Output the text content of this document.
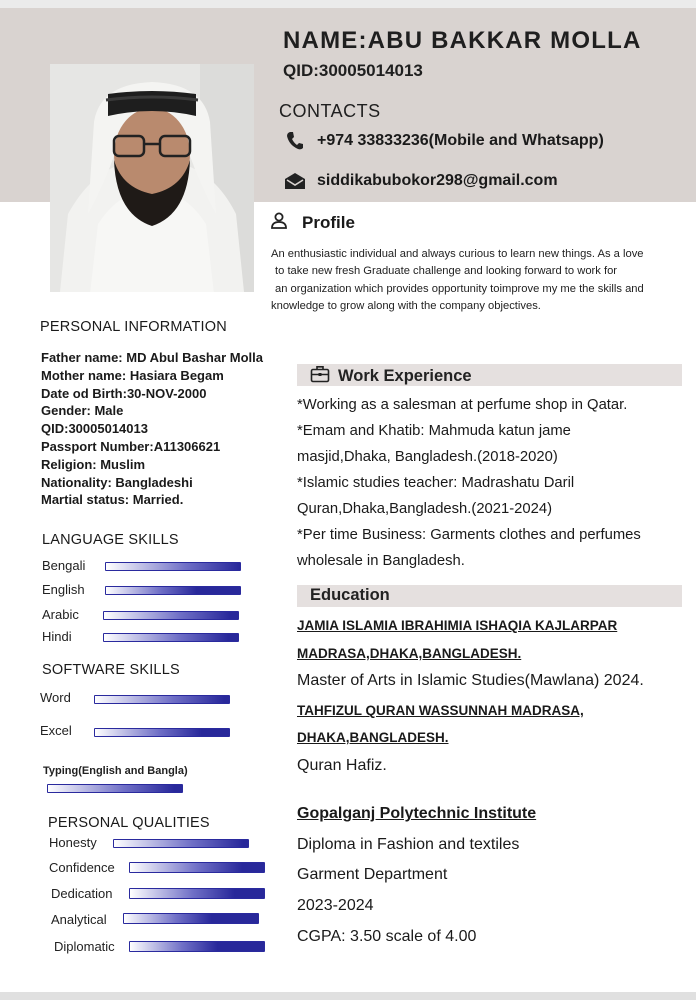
NAME:ABU BAKKAR MOLLA
QID:30005014013
CONTACTS
+974 33833236(Mobile and Whatsapp)
siddikabubokor298@gmail.com
Profile
An enthusiastic individual and always curious to learn new things. As a love
to take new fresh Graduate challenge and looking forward to work for
an organization which provides opportunity toimprove my me the skills and
knowledge to grow along with the company objectives.
PERSONAL INFORMATION
Father name: MD Abul Bashar Molla
Mother name: Hasiara Begam
Date od Birth:30-NOV-2000
Gender: Male
QID:30005014013
Passport Number:A11306621
Religion: Muslim
Nationality: Bangladeshi
Martial status: Married.
LANGUAGE SKILLS
Bengali
English
Arabic
Hindi
SOFTWARE SKILLS
Word
Excel
Typing(English and Bangla)
PERSONAL QUALITIES
Honesty
Confidence
Dedication
Analytical
Diplomatic
Work Experience
*Working as a salesman at perfume shop in Qatar.
*Emam and Khatib: Mahmuda katun jame
masjid,Dhaka, Bangladesh.(2018-2020)
*Islamic studies teacher: Madrashatu Daril
Quran,Dhaka,Bangladesh.(2021-2024)
*Per time Business: Garments clothes and perfumes
wholesale in Bangladesh.
Education
JAMIA ISLAMIA IBRAHIMIA ISHAQIA KAJLARPAR
MADRASA,DHAKA,BANGLADESH.
Master of Arts in Islamic Studies(Mawlana) 2024.
TAHFIZUL QURAN WASSUNNAH MADRASA,
DHAKA,BANGLADESH.
Quran Hafiz.
Gopalganj Polytechnic Institute
Diploma in Fashion and textiles
Garment Department
2023-2024
CGPA: 3.50 scale of 4.00
